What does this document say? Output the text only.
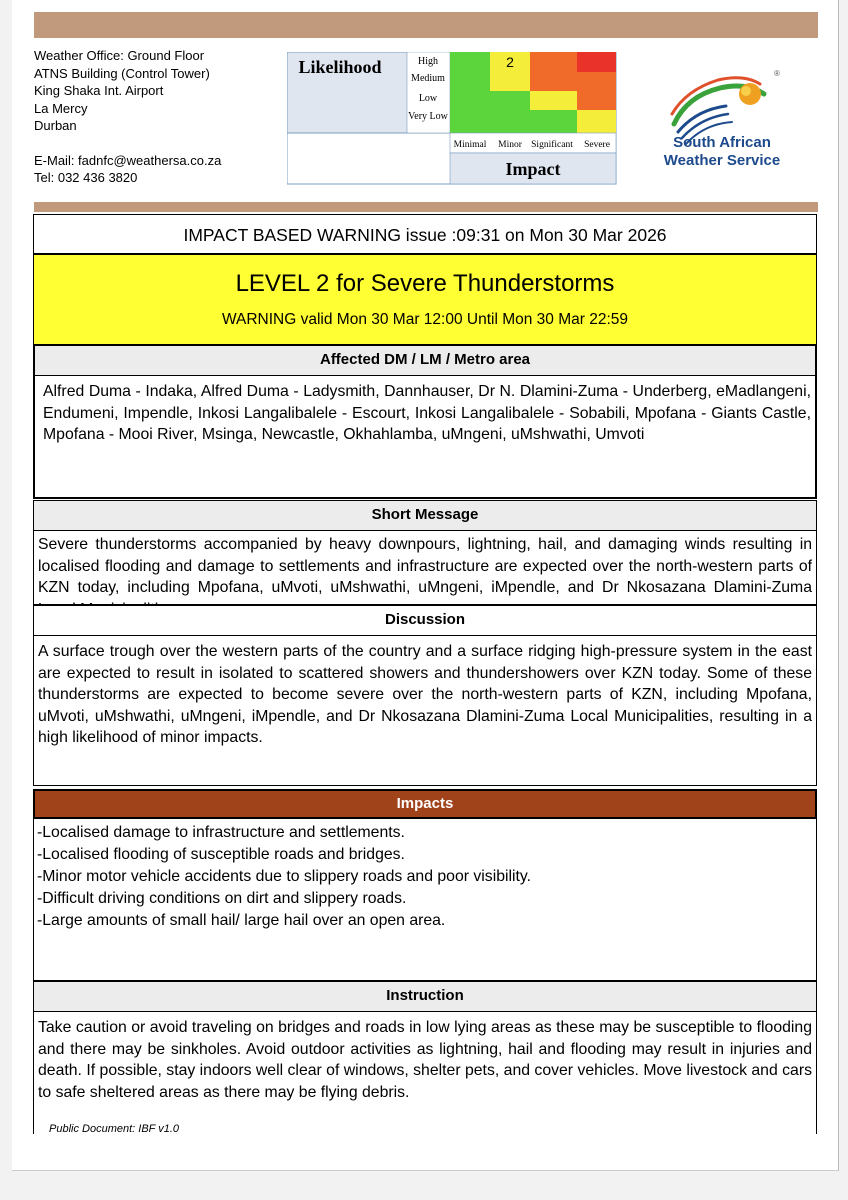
Weather Office: Ground Floor
ATNS Building (Control Tower)
King Shaka Int. Airport
La Mercy
Durban
E-Mail: fadnfc@weathersa.co.za
Tel: 032 436 3820
Likelihood	High
Medium
Low
Very Low
2
Minimal Minor Significant Severe
Impact
®
South African
Weather Service
IMPACT BASED WARNING issue :09:31 on Mon 30 Mar 2026
LEVEL 2 for Severe Thunderstorms
WARNING valid Mon 30 Mar 12:00 Until Mon 30 Mar 22:59
Affected DM / LM / Metro area
Alfred Duma - Indaka, Alfred Duma - Ladysmith, Dannhauser, Dr N. Dlamini-Zuma - Underberg, eMadlangeni, Endumeni, Impendle, Inkosi Langalibalele - Escourt, Inkosi Langalibalele - Sobabili, Mpofana - Giants Castle, Mpofana - Mooi River, Msinga, Newcastle, Okhahlamba, uMngeni, uMshwathi, Umvoti
Short Message
Severe thunderstorms accompanied by heavy downpours, lightning, hail, and damaging winds resulting in localised flooding and damage to settlements and infrastructure are expected over the north-western parts of KZN today, including Mpofana, uMvoti, uMshwathi, uMngeni, iMpendle, and Dr Nkosazana Dlamini-Zuma
Discussion
A surface trough over the western parts of the country and a surface ridging high-pressure system in the east are expected to result in isolated to scattered showers and thundershowers over KZN today. Some of these thunderstorms are expected to become severe over the north-western parts of KZN, including Mpofana, uMvoti, uMshwathi, uMngeni, iMpendle, and Dr Nkosazana Dlamini-Zuma Local Municipalities, resulting in a high likelihood of minor impacts.
Impacts
-Localised damage to infrastructure and settlements.
-Localised flooding of susceptible roads and bridges.
-Minor motor vehicle accidents due to slippery roads and poor visibility.
-Difficult driving conditions on dirt and slippery roads.
-Large amounts of small hail/ large hail over an open area.
Instruction
Take caution or avoid traveling on bridges and roads in low lying areas as these may be susceptible to flooding and there may be sinkholes. Avoid outdoor activities as lightning, hail and flooding may result in injuries and death. If possible, stay indoors well clear of windows, shelter pets, and cover vehicles. Move livestock and cars to safe sheltered areas as there may be flying debris.
Public Document: IBF v1.0
